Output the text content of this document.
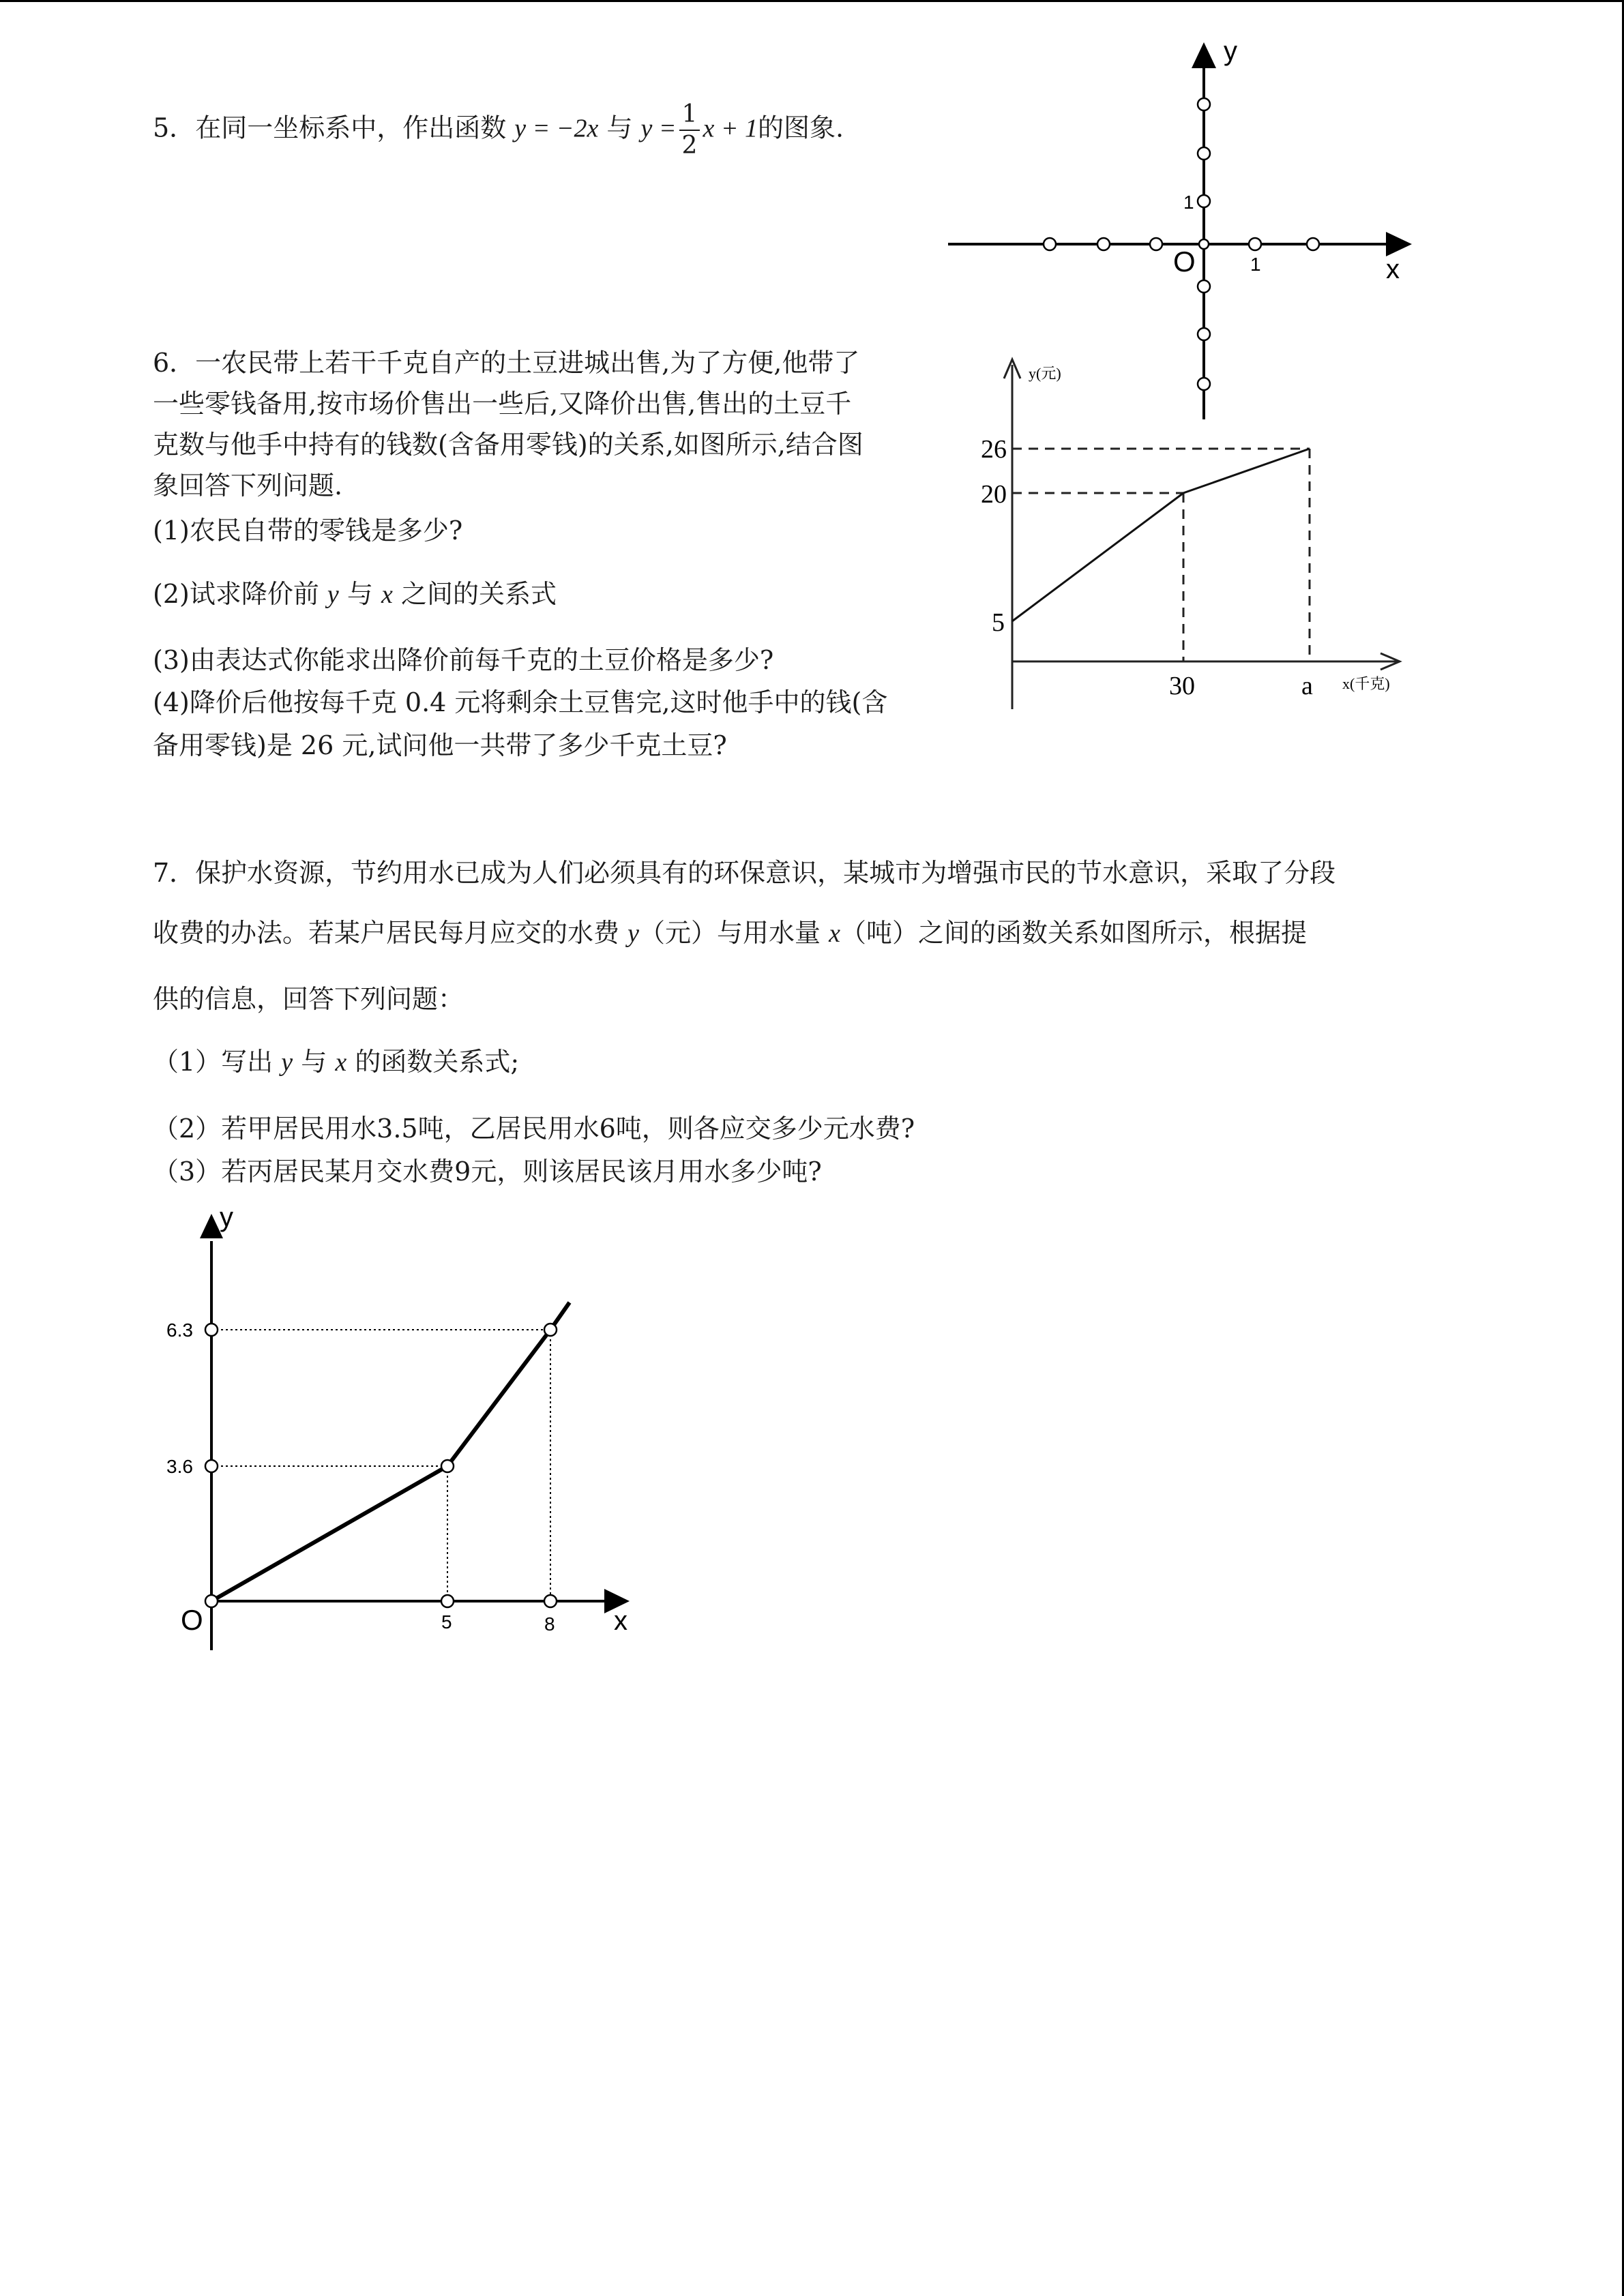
5．在同一坐标系中，作出函数 y = −2x 与 $y = \frac{1}{2}$ x + 1的图象.

y
x
O	1
1

6．一农民带上若干千克自产的土豆进城出售,为了方便,他带了

一些零钱备用,按市场价售出一些后,又降价出售,售出的土豆千

克数与他手中持有的钱数(含备用零钱)的关系,如图所示,结合图

象回答下列问题.

(1)农民自带的零钱是多少?

(2)试求降价前 y 与 x 之间的关系式

(3)由表达式你能求出降价前每千克的土豆价格是多少?

(4)降价后他按每千克 0.4 元将剩余土豆售完,这时他手中的钱(含

备用零钱)是 26 元,试问他一共带了多少千克土豆?

y(元)
x(千克)
26
20
5
30	a

7．保护水资源，节约用水已成为人们必须具有的环保意识，某城市为增强市民的节水意识，采取了分段

收费的办法。若某户居民每月应交的水费 y（元）与用水量 x（吨）之间的函数关系如图所示，根据提

供的信息，回答下列问题：

（1）写出 y 与 x 的函数关系式;

（2）若甲居民用水3.5吨，乙居民用水6吨，则各应交多少元水费?

（3）若丙居民某月交水费9元，则该居民该月用水多少吨?

y
x
O
6.3
3.6
5	8
